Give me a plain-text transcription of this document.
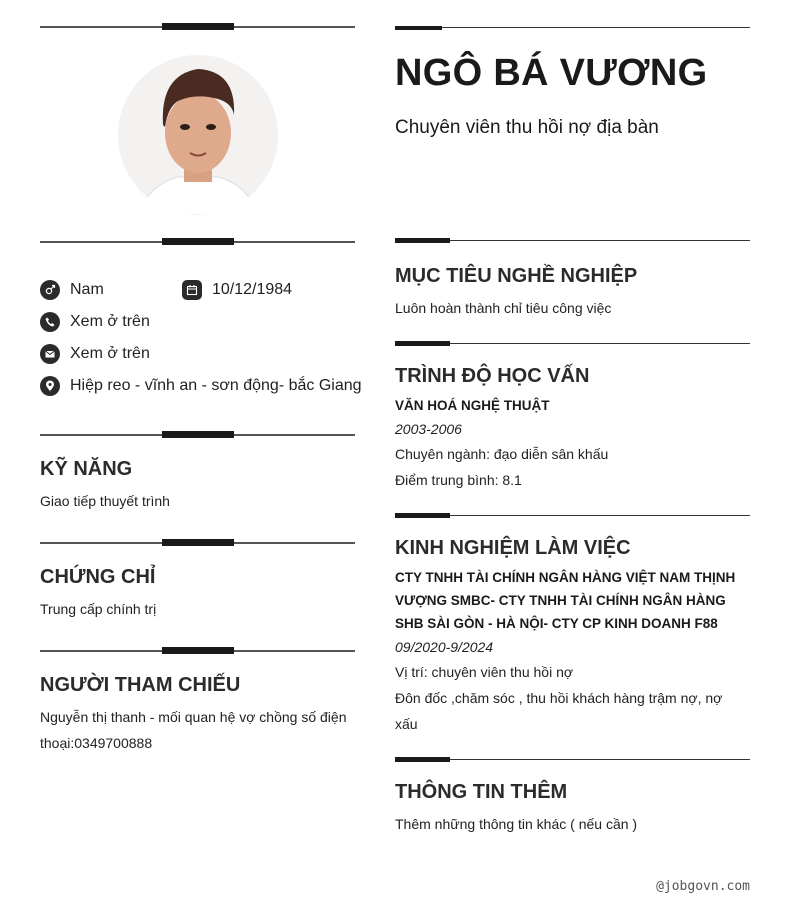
Nam	10/12/1984
Xem ở trên
Xem ở trên
Hiệp reo - vĩnh an - sơn động- bắc Giang
KỸ NĂNG
Giao tiếp thuyết trình
CHỨNG CHỈ
Trung cấp chính trị
NGƯỜI THAM CHIẾU
Nguyễn thị thanh - mối quan hệ vợ chồng số điện
thoại:0349700888
NGÔ BÁ VƯƠNG
Chuyên viên thu hồi nợ địa bàn
MỤC TIÊU NGHỀ NGHIỆP
Luôn hoàn thành chỉ tiêu công việc
TRÌNH ĐỘ HỌC VẤN
VĂN HOÁ NGHỆ THUẬT
2003-2006
Chuyên ngành: đạo diễn sân khấu
Điểm trung bình: 8.1
KINH NGHIỆM LÀM VIỆC
CTY TNHH TÀI CHÍNH NGÂN HÀNG VIỆT NAM THỊNH
VƯỢNG SMBC- CTY TNHH TÀI CHÍNH NGÂN HÀNG
SHB SÀI GÒN - HÀ NỘI- CTY CP KINH DOANH F88
09/2020-9/2024
Vị trí: chuyên viên thu hồi nợ
Đôn đốc ,chăm sóc , thu hồi khách hàng trậm nợ, nợ
xấu
THÔNG TIN THÊM
Thêm những thông tin khác ( nếu cần )
@jobgovn.com
